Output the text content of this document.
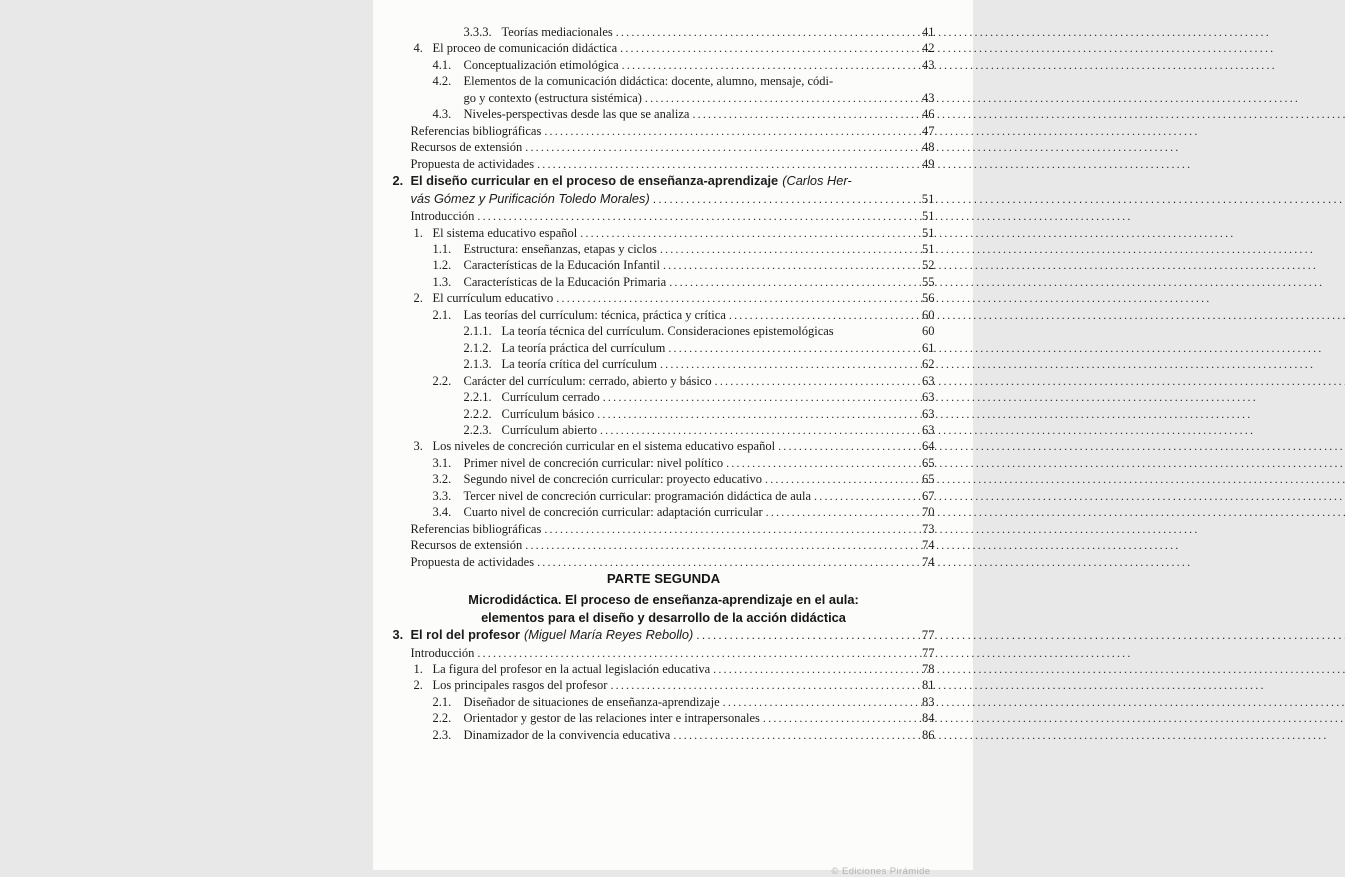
3.3.3. Teorías mediacionales .....	41
4. El proceo de comunicación didáctica .....	42
4.1. Conceptualización etimológica .....	43
4.2. Elementos de la comunicación didáctica: docente, alumno, mensaje, códi-
go y contexto (estructura sistémica) .....	43
4.3. Niveles-perspectivas desde las que se analiza .....	46
Referencias bibliográficas .....	47
Recursos de extensión .....	48
Propuesta de actividades .....	49
2. El diseño curricular en el proceso de enseñanza-aprendizaje (Carlos Her-
vás Gómez y Purificación Toledo Morales) .....	51
Introducción .....	51
1. El sistema educativo español .....	51
1.1. Estructura: enseñanzas, etapas y ciclos .....	51
1.2. Características de la Educación Infantil .....	52
1.3. Características de la Educación Primaria .....	55
2. El currículum educativo .....	56
2.1. Las teorías del currículum: técnica, práctica y crítica .....	60
2.1.1. La teoría técnica del currículum. Consideraciones epistemológicas	60
2.1.2. La teoría práctica del currículum .....	61
2.1.3. La teoría crítica del currículum .....	62
2.2. Carácter del currículum: cerrado, abierto y básico .....	63
2.2.1. Currículum cerrado .....	63
2.2.2. Currículum básico .....	63
2.2.3. Currículum abierto .....	63
3. Los niveles de concreción curricular en el sistema educativo español .....	64
3.1. Primer nivel de concreción curricular: nivel político .....	65
3.2. Segundo nivel de concreción curricular: proyecto educativo .....	65
3.3. Tercer nivel de concreción curricular: programación didáctica de aula .....	67
3.4. Cuarto nivel de concreción curricular: adaptación curricular .....	70
Referencias bibliográficas .....	73
Recursos de extensión .....	74
Propuesta de actividades .....	74
PARTE SEGUNDA
Microdidáctica. El proceso de enseñanza-aprendizaje en el aula:
elementos para el diseño y desarrollo de la acción didáctica
3. El rol del profesor (Miguel María Reyes Rebollo) .....	77
Introducción .....	77
1. La figura del profesor en la actual legislación educativa .....	78
2. Los principales rasgos del profesor .....	81
2.1. Diseñador de situaciones de enseñanza-aprendizaje .....	83
2.2. Orientador y gestor de las relaciones inter e intrapersonales .....	84
2.3. Dinamizador de la convivencia educativa .....	86
© Ediciones Pirámide
